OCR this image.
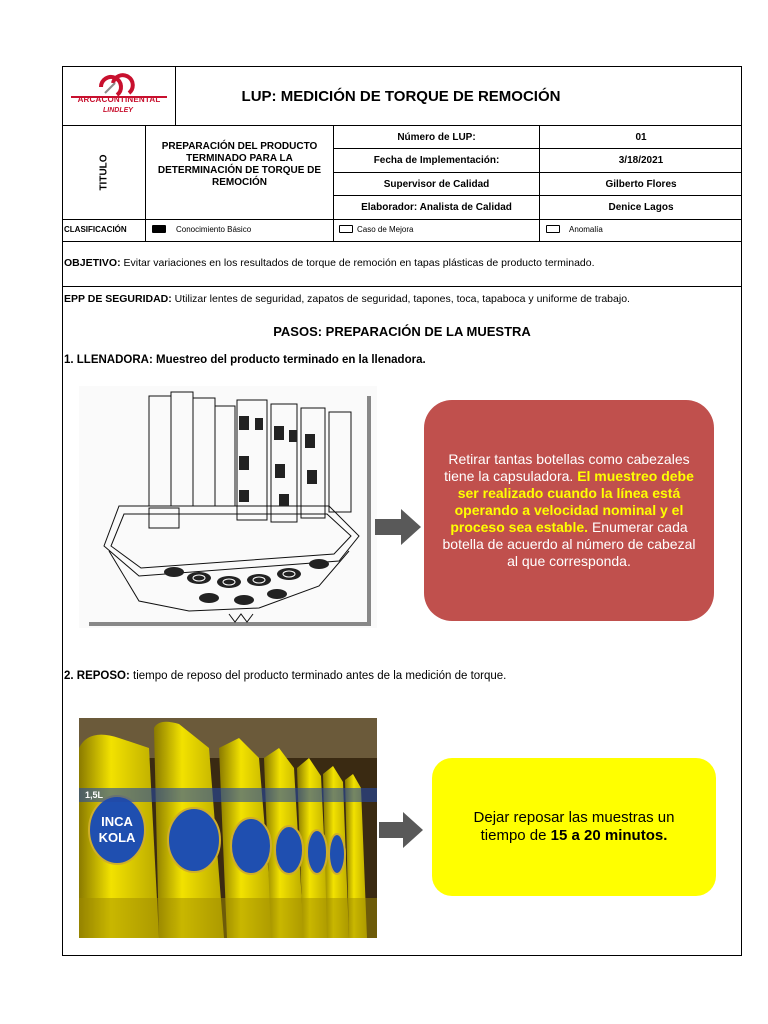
ARCACONTINENTAL
LINDLEY
LUP: MEDICIÓN DE TORQUE DE REMOCIÓN
TITULO
PREPARACIÓN DEL PRODUCTO TERMINADO PARA LA DETERMINACIÓN DE TORQUE DE REMOCIÓN
Número de LUP:	01
Fecha de Implementación:	3/18/2021
Supervisor de Calidad	Gilberto Flores
Elaborador: Analista de Calidad	Denice Lagos
CLASIFICACIÓN	Conocimiento Básico	Caso de Mejora	Anomalía
OBJETIVO: Evitar variaciones en los resultados de torque de remoción en tapas plásticas de producto terminado.
EPP DE SEGURIDAD: Utilizar lentes de seguridad, zapatos de seguridad, tapones, toca, tapaboca y uniforme de trabajo.
PASOS: PREPARACIÓN DE LA MUESTRA
1. LLENADORA: Muestreo del producto terminado en la llenadora.
Retirar tantas botellas como cabezales tiene la capsuladora. El muestreo debe ser realizado cuando la línea está operando a velocidad nominal y el proceso sea estable. Enumerar cada botella de acuerdo al número de cabezal al que corresponda.
2. REPOSO: tiempo de reposo del producto terminado antes de la medición de torque.
INCA
KOLA
1,5L
Dejar reposar las muestras un tiempo de 15 a 20 minutos.
